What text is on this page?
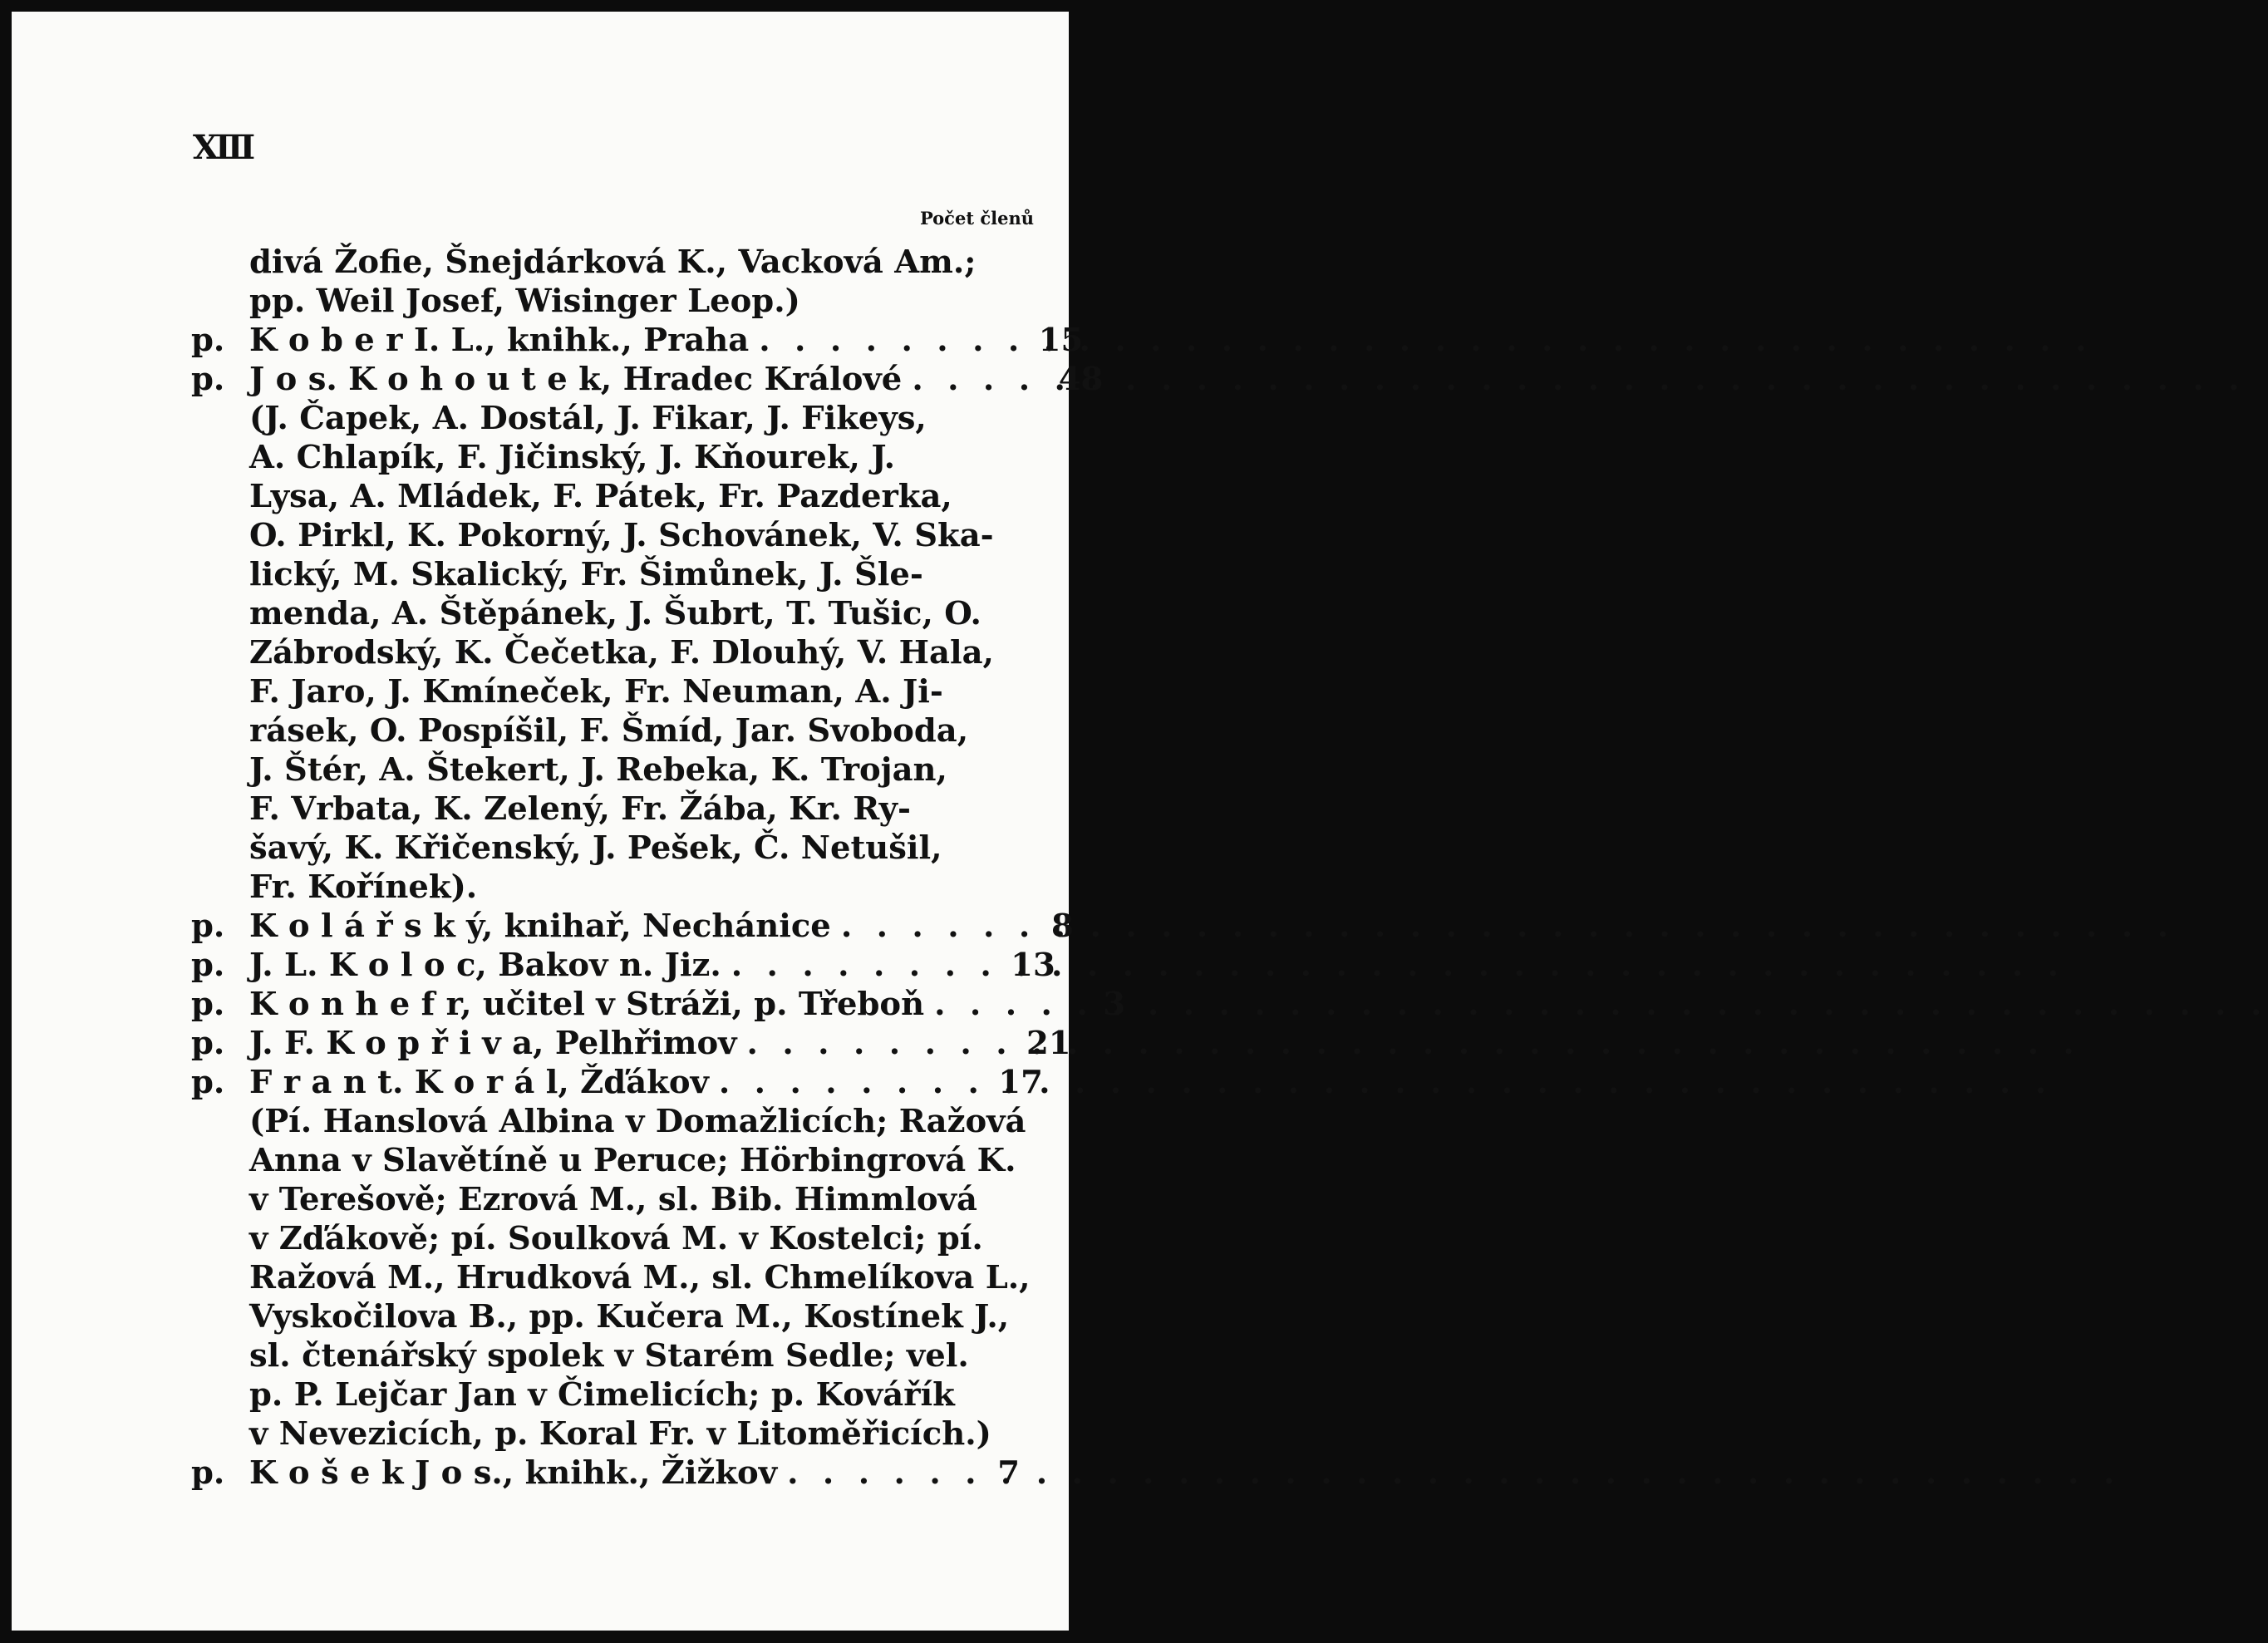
XIII
Počet členů
divá Žofie, Šnejdárková K., Vacková Am.;
pp. Weil Josef, Wisinger Leop.)
p. K o b e r I. L., knihk., Praha . . .	15
p. J o s. K o h o u t e k, Hradec Králové . . .	48
(J. Čapek, A. Dostál, J. Fikar, J. Fikeys,
A. Chlapík, F. Jičinský, J. Kňourek, J.
Lysa, A. Mládek, F. Pátek, Fr. Pazderka,
O. Pirkl, K. Pokorný, J. Schovánek, V. Ska-
lický, M. Skalický, Fr. Šimůnek, J. Šle-
menda, A. Štěpánek, J. Šubrt, T. Tušic, O.
Zábrodský, K. Čečetka, F. Dlouhý, V. Hala,
F. Jaro, J. Kmíneček, Fr. Neuman, A. Ji-
rásek, O. Pospíšil, F. Šmíd, Jar. Svoboda,
J. Štér, A. Štekert, J. Rebeka, K. Trojan,
F. Vrbata, K. Zelený, Fr. Žába, Kr. Ry-
šavý, K. Křičenský, J. Pešek, Č. Netušil,
Fr. Kořínek).
p. K o l á ř s k ý, knihař, Nechánice . . .	8
p. J. L. K o l o c, Bakov n. Jiz. . . .	13
p. K o n h e f r, učitel v Stráži, p. Třeboň . . .	3
p. J. F. K o p ř i v a, Pelhřimov . . .	21
p. F r a n t. K o r á l, Žďákov . . .	17
(Pí. Hanslová Albina v Domažlicích; Ražová
Anna v Slavětíně u Peruce; Hörbingrová K.
v Terešově; Ezrová M., sl. Bib. Himmlová
v Zďákově; pí. Soulková M. v Kostelci; pí.
Ražová M., Hrudková M., sl. Chmelíkova L.,
Vyskočilova B., pp. Kučera M., Kostínek J.,
sl. čtenářský spolek v Starém Sedle; vel.
p. P. Lejčar Jan v Čimelicích; p. Kovářík
v Nevezicích, p. Koral Fr. v Litoměřicích.)
p. K o š e k J o s., knihk., Žižkov . . .	7
